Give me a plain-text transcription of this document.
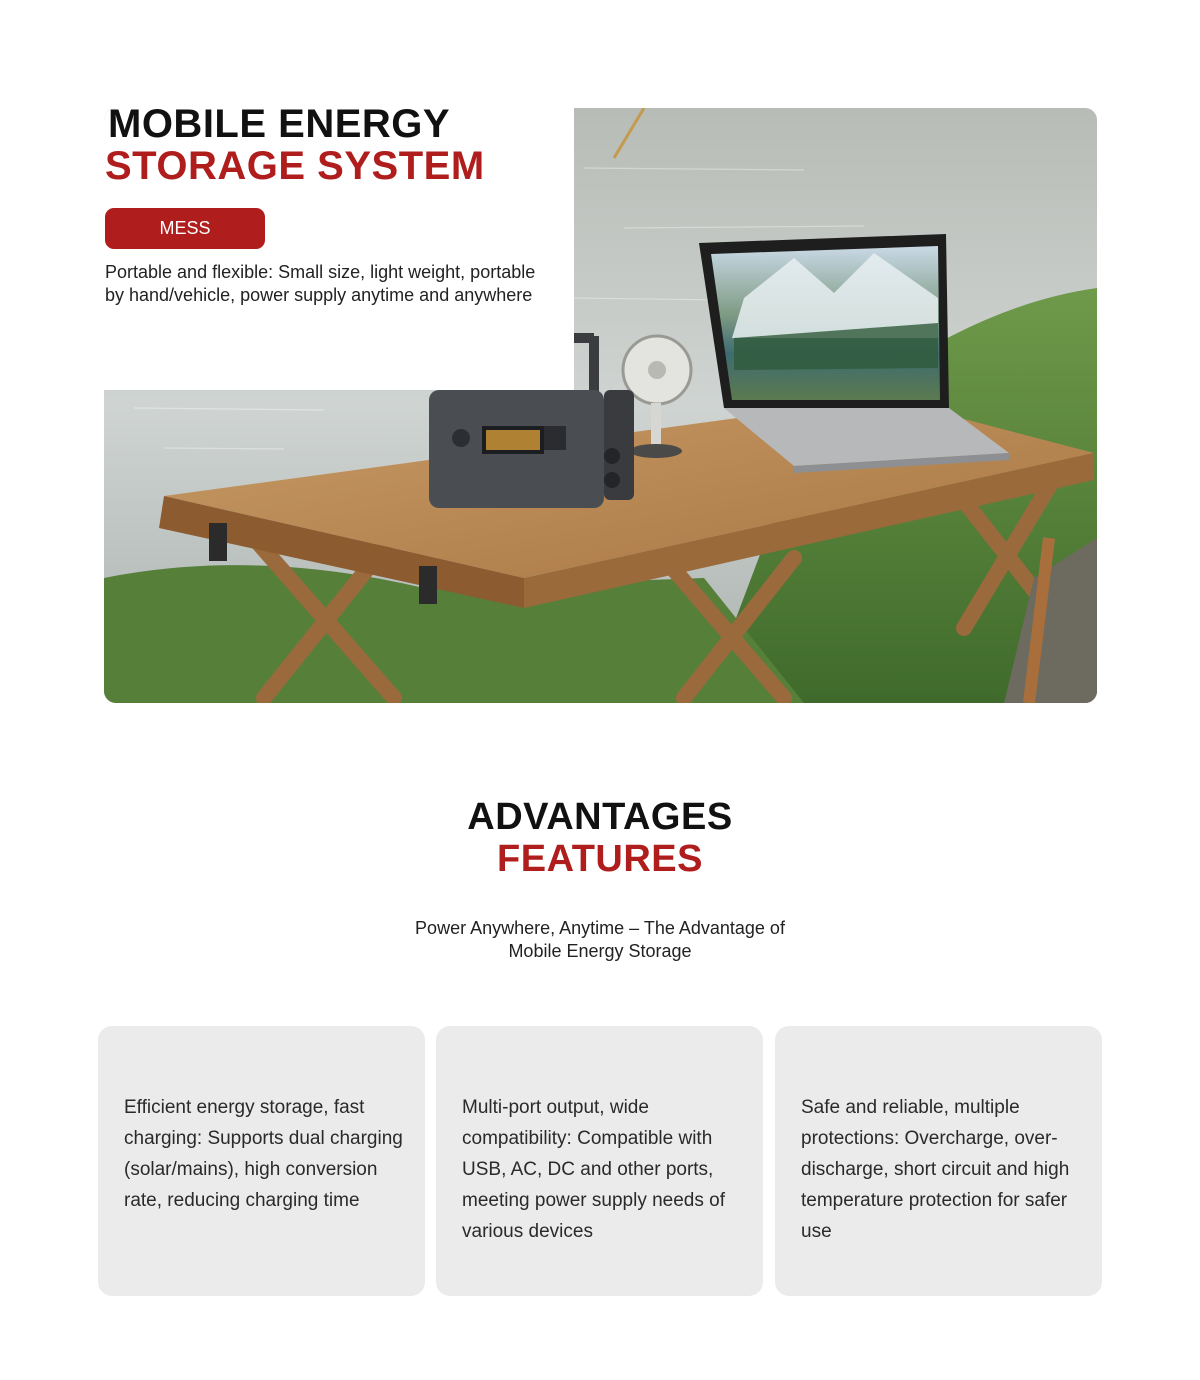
MOBILE ENERGY
STORAGE SYSTEM
MESS
Portable and flexible: Small size, light weight, portable by hand/vehicle, power supply anytime and anywhere
ADVANTAGES
FEATURES
Power Anywhere, Anytime – The Advantage of Mobile Energy Storage
Efficient energy storage, fast charging: Supports dual charging (solar/mains), high conversion rate, reducing charging time
Multi-port output, wide compatibility: Compatible with USB, AC, DC and other ports, meeting power supply needs of various devices
Safe and reliable, multiple protections: Overcharge, over-discharge, short circuit and high temperature protection for safer use
